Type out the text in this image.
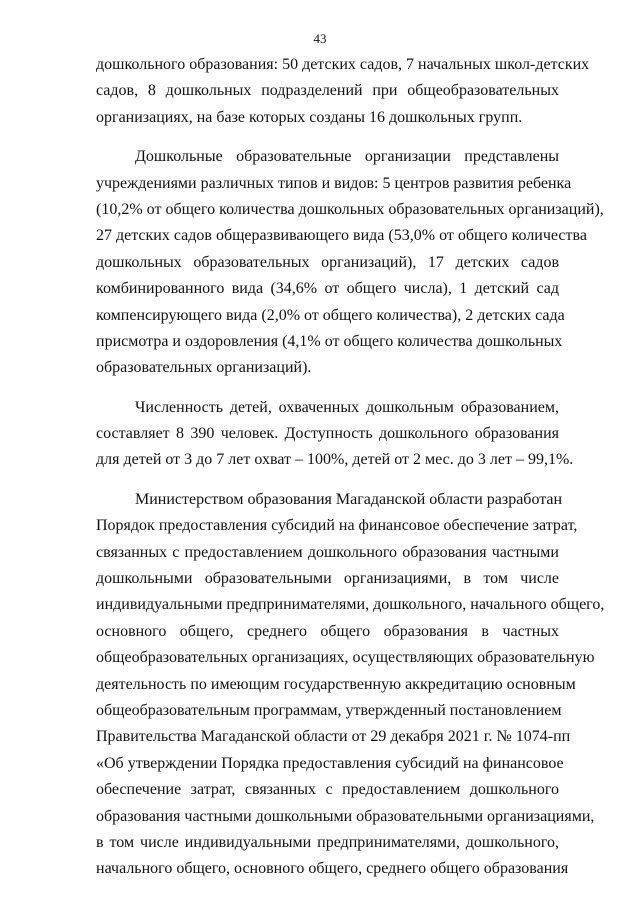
43
дошкольного образования: 50 детских садов, 7 начальных школ-детских
садов, 8 дошкольных подразделений при общеобразовательных
организациях, на базе которых созданы 16 дошкольных групп.
Дошкольные образовательные организации представлены
учреждениями различных типов и видов: 5 центров развития ребенка
(10,2% от общего количества дошкольных образовательных организаций),
27 детских садов общеразвивающего вида (53,0% от общего количества
дошкольных образовательных организаций), 17 детских садов
комбинированного вида (34,6% от общего числа), 1 детский сад
компенсирующего вида (2,0% от общего количества), 2 детских сада
присмотра и оздоровления (4,1% от общего количества дошкольных
образовательных организаций).
Численность детей, охваченных дошкольным образованием,
составляет 8 390 человек. Доступность дошкольного образования
для детей от 3 до 7 лет охват – 100%, детей от 2 мес. до 3 лет – 99,1%.
Министерством образования Магаданской области разработан
Порядок предоставления субсидий на финансовое обеспечение затрат,
связанных с предоставлением дошкольного образования частными
дошкольными образовательными организациями, в том числе
индивидуальными предпринимателями, дошкольного, начального общего,
основного общего, среднего общего образования в частных
общеобразовательных организациях, осуществляющих образовательную
деятельность по имеющим государственную аккредитацию основным
общеобразовательным программам, утвержденный постановлением
Правительства Магаданской области от 29 декабря 2021 г. № 1074-пп
«Об утверждении Порядка предоставления субсидий на финансовое
обеспечение затрат, связанных с предоставлением дошкольного
образования частными дошкольными образовательными организациями,
в том числе индивидуальными предпринимателями, дошкольного,
начального общего, основного общего, среднего общего образования
